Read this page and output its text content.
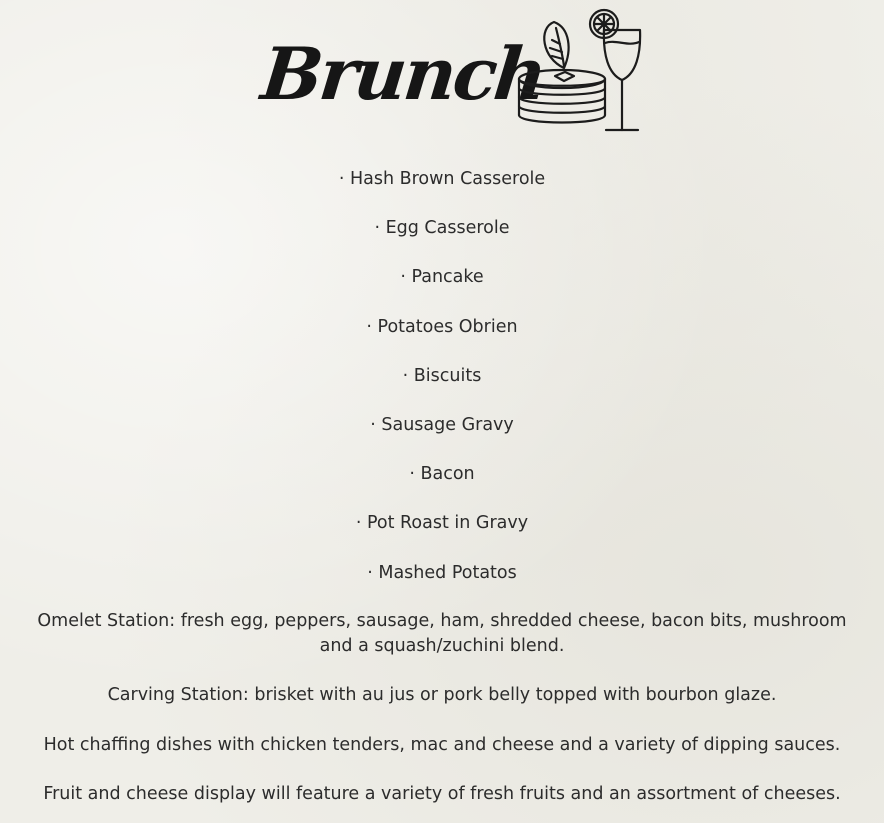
Brunch
· Hash Brown Casserole
· Egg Casserole
· Pancake
· Potatoes Obrien
· Biscuits
· Sausage Gravy
· Bacon
· Pot Roast in Gravy
· Mashed Potatos

Omelet Station: fresh egg, peppers, sausage, ham, shredded cheese, bacon bits, mushroom and a squash/zuchini blend.

Carving Station: brisket with au jus or pork belly topped with bourbon glaze.

Hot chaffing dishes with chicken tenders, mac and cheese and a variety of dipping sauces.

Fruit and cheese display will feature a variety of fresh fruits and an assortment of cheeses.
